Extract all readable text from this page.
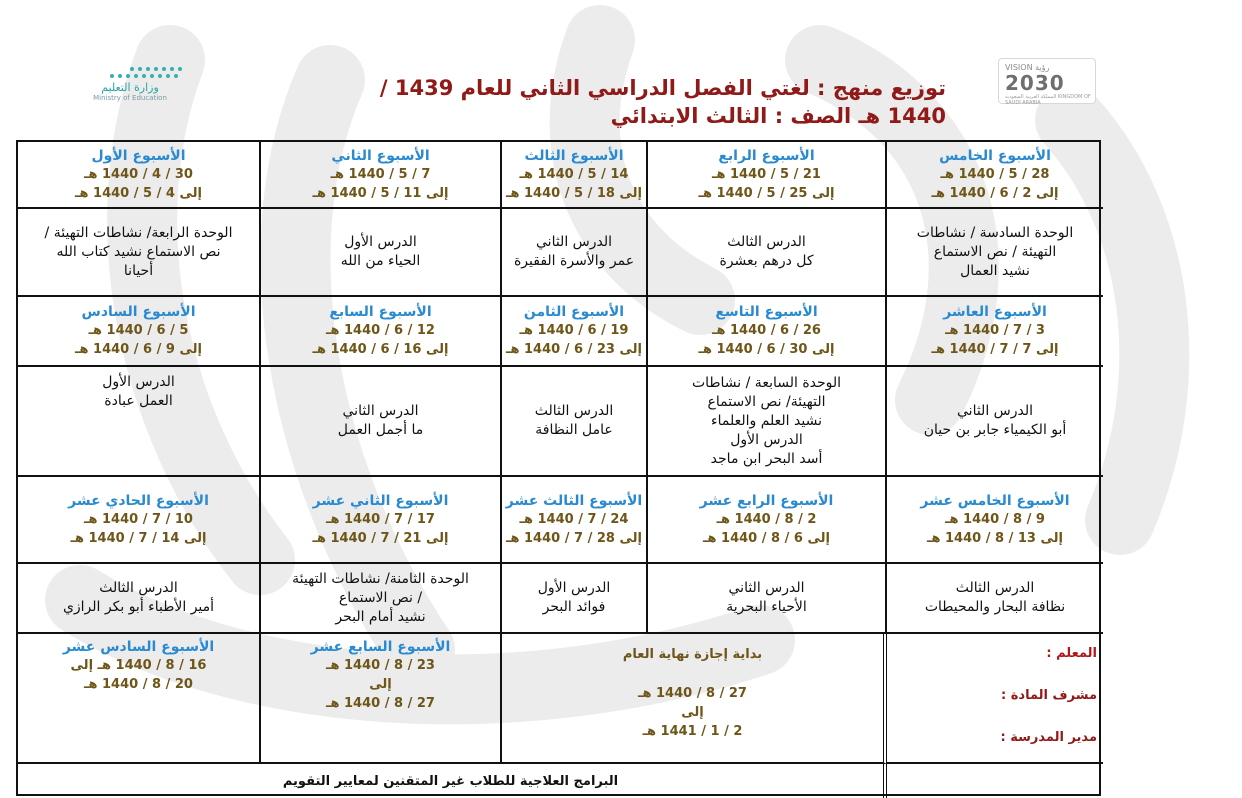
VISION رؤية
2030
المملكة العربية السعودية KINGDOM OF SAUDI ARABIA
وزارة التعليم
Ministry of Education	توزيع منهج : لغتي الفصل الدراسي الثاني للعام 1439 /
1440 هـ الصف : الثالث الابتدائي
الأسبوع الأول
30 / 4 / 1440 هـ
إلى 4 / 5 / 1440 هـ
الأسبوع الثاني
7 / 5 / 1440 هـ
إلى 11 / 5 / 1440 هـ
الأسبوع الثالث
14 / 5 / 1440 هـ
إلى 18 / 5 / 1440 هـ
الأسبوع الرابع
21 / 5 / 1440 هـ
إلى 25 / 5 / 1440 هـ
الأسبوع الخامس
28 / 5 / 1440 هـ
إلى 2 / 6 / 1440 هـ
الوحدة الرابعة/ نشاطات التهيئة /
نص الاستماع نشيد كتاب الله
أحيانا
الدرس الأول
الحياء من الله
الدرس الثاني
عمر والأسرة الفقيرة
الدرس الثالث
كل درهم بعشرة
الوحدة السادسة / نشاطات
التهيئة / نص الاستماع
نشيد العمال
الأسبوع السادس
5 / 6 / 1440 هـ
إلى 9 / 6 / 1440 هـ
الأسبوع السابع
12 / 6 / 1440 هـ
إلى 16 / 6 / 1440 هـ
الأسبوع الثامن
19 / 6 / 1440 هـ
إلى 23 / 6 / 1440 هـ
الأسبوع التاسع
26 / 6 / 1440 هـ
إلى 30 / 6 / 1440 هـ
الأسبوع العاشر
3 / 7 / 1440 هـ
إلى 7 / 7 / 1440 هـ
الدرس الأول
العمل عبادة
الدرس الثاني
ما أجمل العمل
الدرس الثالث
عامل النظافة
الوحدة السابعة / نشاطات
التهيئة/ نص الاستماع
نشيد العلم والعلماء
الدرس الأول
أسد البحر ابن ماجد
الدرس الثاني
أبو الكيمياء جابر بن حيان
الأسبوع الحادي عشر
10 / 7 / 1440 هـ
إلى 14 / 7 / 1440 هـ
الأسبوع الثاني عشر
17 / 7 / 1440 هـ
إلى 21 / 7 / 1440 هـ
الأسبوع الثالث عشر
24 / 7 / 1440 هـ
إلى 28 / 7 / 1440 هـ
الأسبوع الرابع عشر
2 / 8 / 1440 هـ
إلى 6 / 8 / 1440 هـ
الأسبوع الخامس عشر
9 / 8 / 1440 هـ
إلى 13 / 8 / 1440 هـ
الدرس الثالث
أمير الأطباء أبو بكر الرازي
الوحدة الثامنة/ نشاطات التهيئة
/ نص الاستماع
نشيد أمام البحر
الدرس الأول
فوائد البحر
الدرس الثاني
الأحياء البحرية
الدرس الثالث
نظافة البحار والمحيطات
الأسبوع السادس عشر
16 / 8 / 1440 هـ إلى
20 / 8 / 1440 هـ
الأسبوع السابع عشر
23 / 8 / 1440 هـ
إلى
27 / 8 / 1440 هـ
بداية إجازة نهاية العام
27 / 8 / 1440 هـ
إلى
2 / 1 / 1441 هـ
المعلم :
مشرف المادة :
مدير المدرسة :
البرامج العلاجية للطلاب غير المتقنين لمعايير التقويم
